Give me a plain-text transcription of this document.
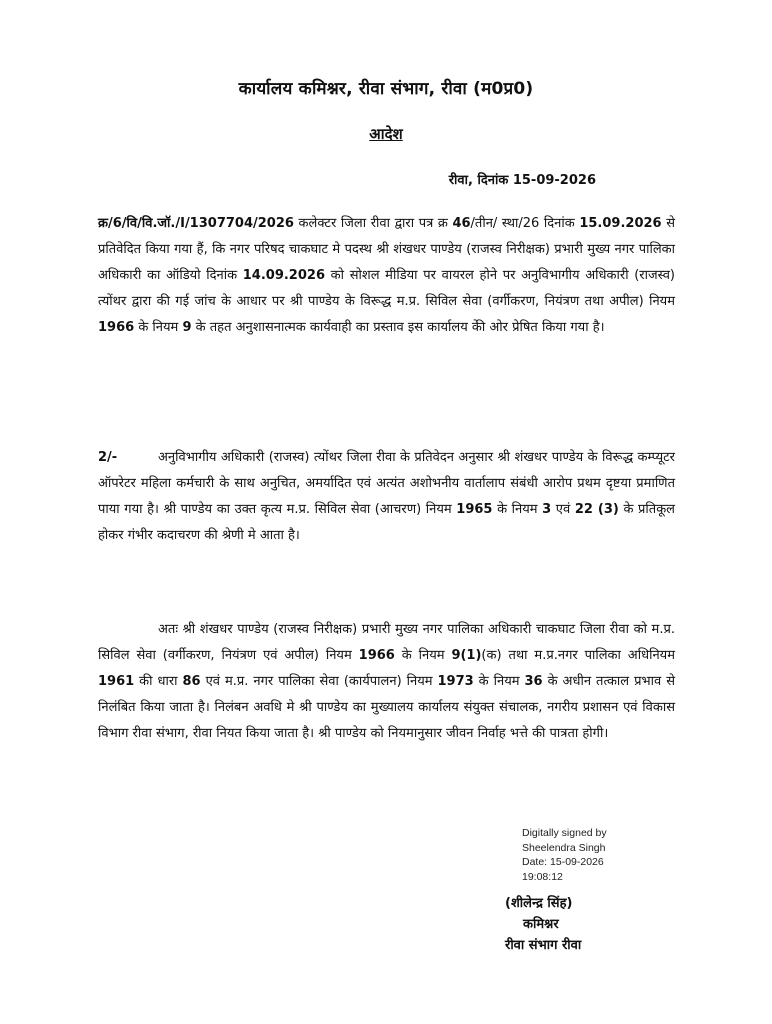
कार्यालय कमिश्नर, रीवा संभाग, रीवा (म0प्र0)
आदेश
रीवा, दिनांक 15-09-2026
क्र/6/वि/वि.जॉ./I/1307704/2026 कलेक्टर जिला रीवा द्वारा पत्र क्र 46/तीन/ स्था/26 दिनांक 15.09.2026 से प्रतिवेदित किया गया हैं, कि नगर परिषद चाकघाट मे पदस्थ श्री शंखधर पाण्डेय (राजस्व निरीक्षक) प्रभारी मुख्य नगर पालिका अधिकारी का ऑडियो दिनांक 14.09.2026 को सोशल मीडिया पर वायरल होने पर अनुविभागीय अधिकारी (राजस्व) त्योंथर द्वारा की गई जांच के आधार पर श्री पाण्डेय के विरूद्ध म.प्र. सिविल सेवा (वर्गीकरण, नियंत्रण तथा अपील) नियम 1966 के नियम 9 के तहत अनुशासनात्मक कार्यवाही का प्रस्ताव इस कार्यालय केी ओर प्रेषित किया गया है।
2/-	अनुविभागीय अधिकारी (राजस्व) त्योंथर जिला रीवा के प्रतिवेदन अनुसार श्री शंखधर पाण्डेय के विरूद्ध कम्प्यूटर ऑपरेटर महिला कर्मचारी के साथ अनुचित, अमर्यादित एवं अत्यंत अशोभनीय वार्तालाप संबंधी आरोप प्रथम दृष्टया प्रमाणित पाया गया है। श्री पाण्डेय का उक्त कृत्य म.प्र. सिविल सेवा (आचरण) नियम 1965 के नियम 3 एवं 22 (3) के प्रतिकूल होकर गंभीर कदाचरण की श्रेणी मे आता है।
अतः श्री शंखधर पाण्डेय (राजस्व निरीक्षक) प्रभारी मुख्य नगर पालिका अधिकारी चाकघाट जिला रीवा को म.प्र. सिविल सेवा (वर्गीकरण, नियंत्रण एवं अपील) नियम 1966 के नियम 9(1)(क) तथा म.प्र.नगर पालिका अधिनियम 1961 की धारा 86 एवं म.प्र. नगर पालिका सेवा (कार्यपालन) नियम 1973 के नियम 36 के अधीन तत्काल प्रभाव से निलंबित किया जाता है। निलंबन अवधि मे श्री पाण्डेय का मुख्यालय कार्यालय संयुक्त संचालक, नगरीय प्रशासन एवं विकास विभाग रीवा संभाग, रीवा नियत किया जाता है। श्री पाण्डेय को नियमानुसार जीवन निर्वाह भत्ते की पात्रता होगी।
Digitally signed by
Sheelendra Singh
Date: 15-09-2026
19:08:12
(शीलेन्द्र सिंह)
कमिश्नर
रीवा संभाग रीवा
